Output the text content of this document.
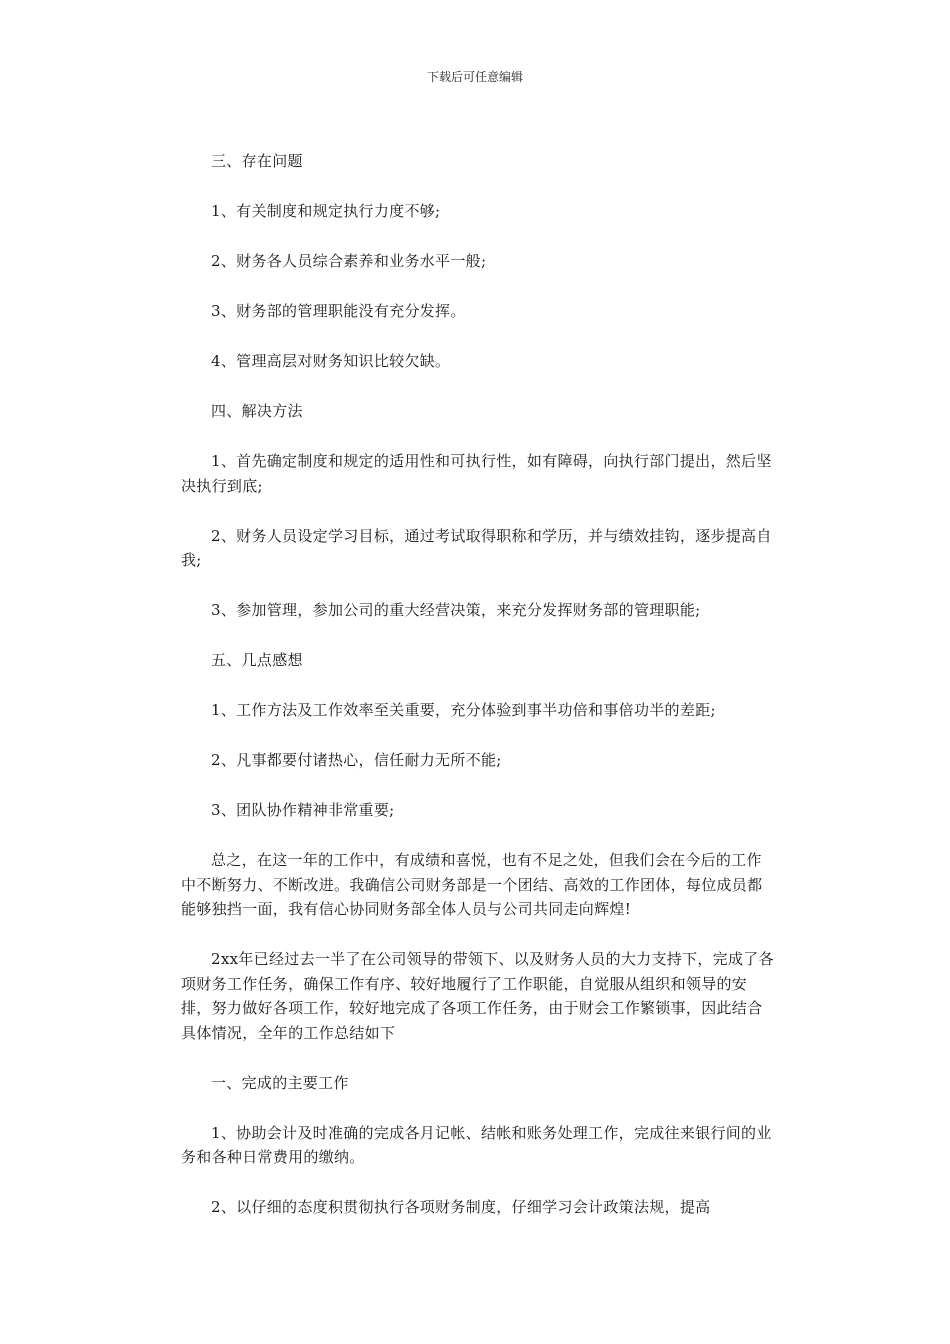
下载后可任意编辑

三、存在问题

1、有关制度和规定执行力度不够;

2、财务各人员综合素养和业务水平一般;

3、财务部的管理职能没有充分发挥。

4、管理高层对财务知识比较欠缺。

四、解决方法

1、首先确定制度和规定的适用性和可执行性，如有障碍，向执行部门提出，然后坚决执行到底;

2、财务人员设定学习目标，通过考试取得职称和学历，并与绩效挂钩，逐步提高自我;

3、参加管理，参加公司的重大经营决策，来充分发挥财务部的管理职能;

五、几点感想

1、工作方法及工作效率至关重要，充分体验到事半功倍和事倍功半的差距;

2、凡事都要付诸热心，信任耐力无所不能;

3、团队协作精神非常重要;

总之，在这一年的工作中，有成绩和喜悦，也有不足之处，但我们会在今后的工作中不断努力、不断改进。我确信公司财务部是一个团结、高效的工作团体，每位成员都能够独挡一面，我有信心协同财务部全体人员与公司共同走向辉煌!

2xx年已经过去一半了在公司领导的带领下、以及财务人员的大力支持下，完成了各项财务工作任务，确保工作有序、较好地履行了工作职能，自觉服从组织和领导的安排，努力做好各项工作，较好地完成了各项工作任务，由于财会工作繁锁事，因此结合具体情况，全年的工作总结如下

一、完成的主要工作

1、协助会计及时准确的完成各月记帐、结帐和账务处理工作，完成往来银行间的业务和各种日常费用的缴纳。

2、以仔细的态度积贯彻执行各项财务制度，仔细学习会计政策法规，提高
